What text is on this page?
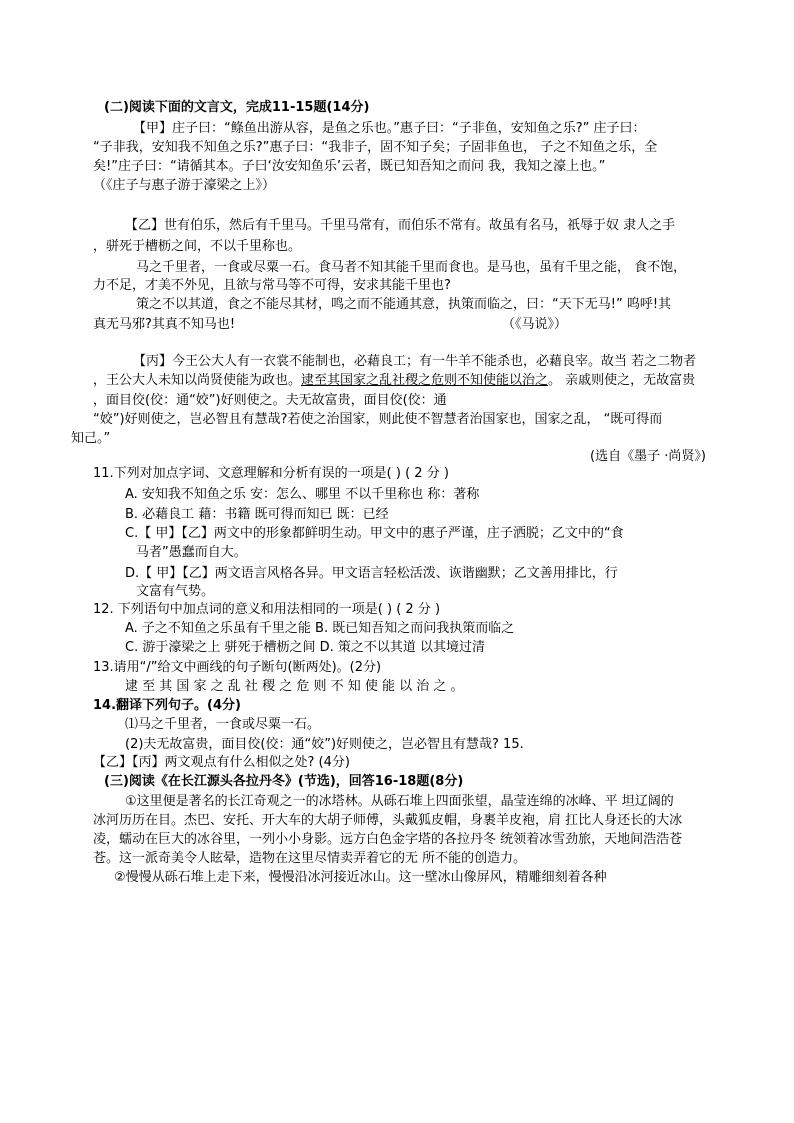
(二)阅读下面的文言文，完成11-15题(14分)
【甲】庄子曰：“鲦鱼出游从容，是鱼之乐也。”惠子曰：“子非鱼，安知鱼之乐?” 庄子曰：
“子非我，安知我不知鱼之乐?”惠子曰：“我非子，固不知子矣；子固非鱼也， 子之不知鱼之乐，全
矣!”庄子曰：“请循其本。子曰‘汝安知鱼乐’云者，既已知吾知之而问 我，我知之濠上也。”
（《庄子与惠子游于濠梁之上》）
【乙】世有伯乐，然后有千里马。千里马常有，而伯乐不常有。故虽有名马，祇辱于奴 隶人之手
，骈死于槽枥之间，不以千里称也。
马之千里者，一食或尽粟一石。食马者不知其能千里而食也。是马也，虽有千里之能， 食不饱，
力不足，才美不外见，且欲与常马等不可得，安求其能千里也?
策之不以其道，食之不能尽其材，鸣之而不能通其意，执策而临之，曰：“天下无马!” 呜呼!其
真无马邪?其真不知马也!	（《马说》）
【丙】今王公大人有一衣裳不能制也，必藉良工；有一牛羊不能杀也，必藉良宰。故当 若之二物者
，王公大人未知以尚贤使能为政也。逮至其国家之乱社稷之危则不知使能以治之。 亲戚则使之，无故富贵
，面目佼(佼：通“姣”)好则使之。夫无故富贵，面目佼(佼：通
“姣”)好则使之，岂必智且有慧哉?若使之治国家，则此使不智慧者治国家也，国家之乱， “既可得而
知己。”
(选自《墨子 ·尚贤》)
11.下列对加点字词、文意理解和分析有误的一项是( ) ( 2 分 )
A. 安知我不知鱼之乐 安：怎么、哪里 不以千里称也 称：著称
B. 必藉良工 藉：书籍 既可得而知已 既：已经
C.【 甲】【乙】两文中的形象都鲜明生动。甲文中的惠子严谨，庄子洒脱；乙文中的“食
马者”愚蠢而自大。
D.【 甲】【乙】两文语言风格各异。甲文语言轻松活泼、诙谐幽默；乙文善用排比，行
文富有气势。
12. 下列语句中加点词的意义和用法相同的一项是( ) ( 2 分 )
A. 子之不知鱼之乐虽有千里之能 B. 既已知吾知之而问我执策而临之
C. 游于濠梁之上 骈死于槽枥之间 D. 策之不以其道 以其境过清
13.请用“/”给文中画线的句子断句(断两处)。(2分)
逮 至 其 国 家 之 乱 社 稷 之 危 则 不 知 使 能 以 治 之 。
14.翻译下列句子。(4分)
⑴马之千里者，一食或尽粟一石。
(2)夫无故富贵，面目佼(佼：通“姣”)好则使之，岂必智且有慧哉? 15.
【乙】【丙】两文观点有什么相似之处? (4分)
(三)阅读《在长江源头各拉丹冬》(节选)，回答16-18题(8分)
①这里便是著名的长江奇观之一的冰塔林。从砾石堆上四面张望，晶莹连绵的冰峰、平 坦辽阔的
冰河历历在目。杰巴、安托、开大车的大胡子师傅，头戴狐皮帽，身裹羊皮袍，肩 扛比人身还长的大冰
凌，蠕动在巨大的冰谷里，一列小小身影。远方白色金字塔的各拉丹冬 统领着冰雪劲旅，天地间浩浩苍
苍。这一派奇美令人眩晕，造物在这里尽情卖弄着它的无 所不能的创造力。
②慢慢从砾石堆上走下来，慢慢沿冰河接近冰山。这一壁冰山像屏风，精雕细刻着各种
